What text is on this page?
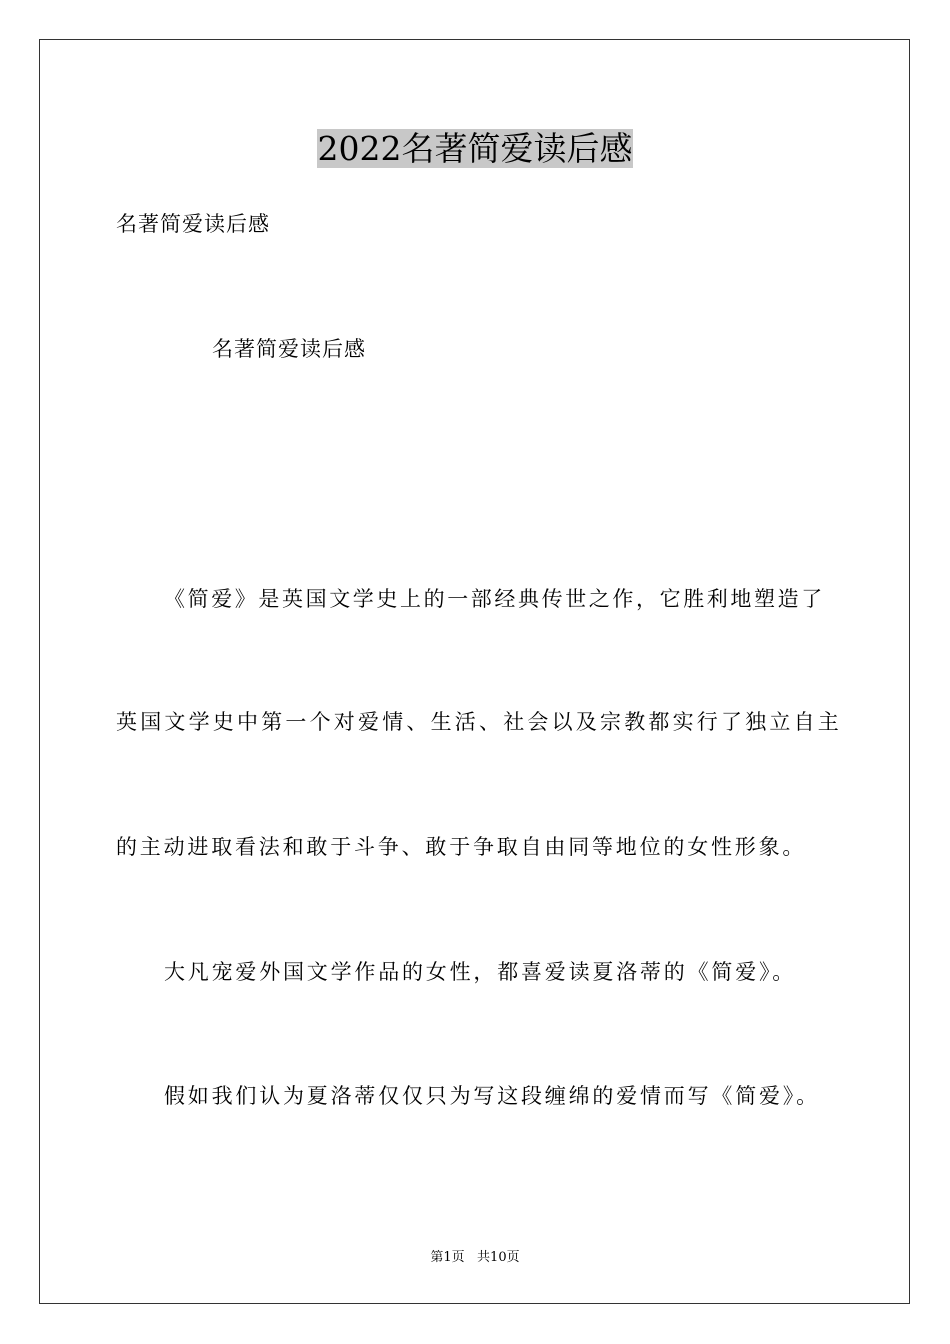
2022名著简爱读后感
名著简爱读后感
名著简爱读后感
《简爱》是英国文学史上的一部经典传世之作，它胜利地塑造了
英国文学史中第一个对爱情、生活、社会以及宗教都实行了独立自主
的主动进取看法和敢于斗争、敢于争取自由同等地位的女性形象。
大凡宠爱外国文学作品的女性，都喜爱读夏洛蒂的《简爱》。
假如我们认为夏洛蒂仅仅只为写这段缠绵的爱情而写《简爱》。
第1页   共10页
